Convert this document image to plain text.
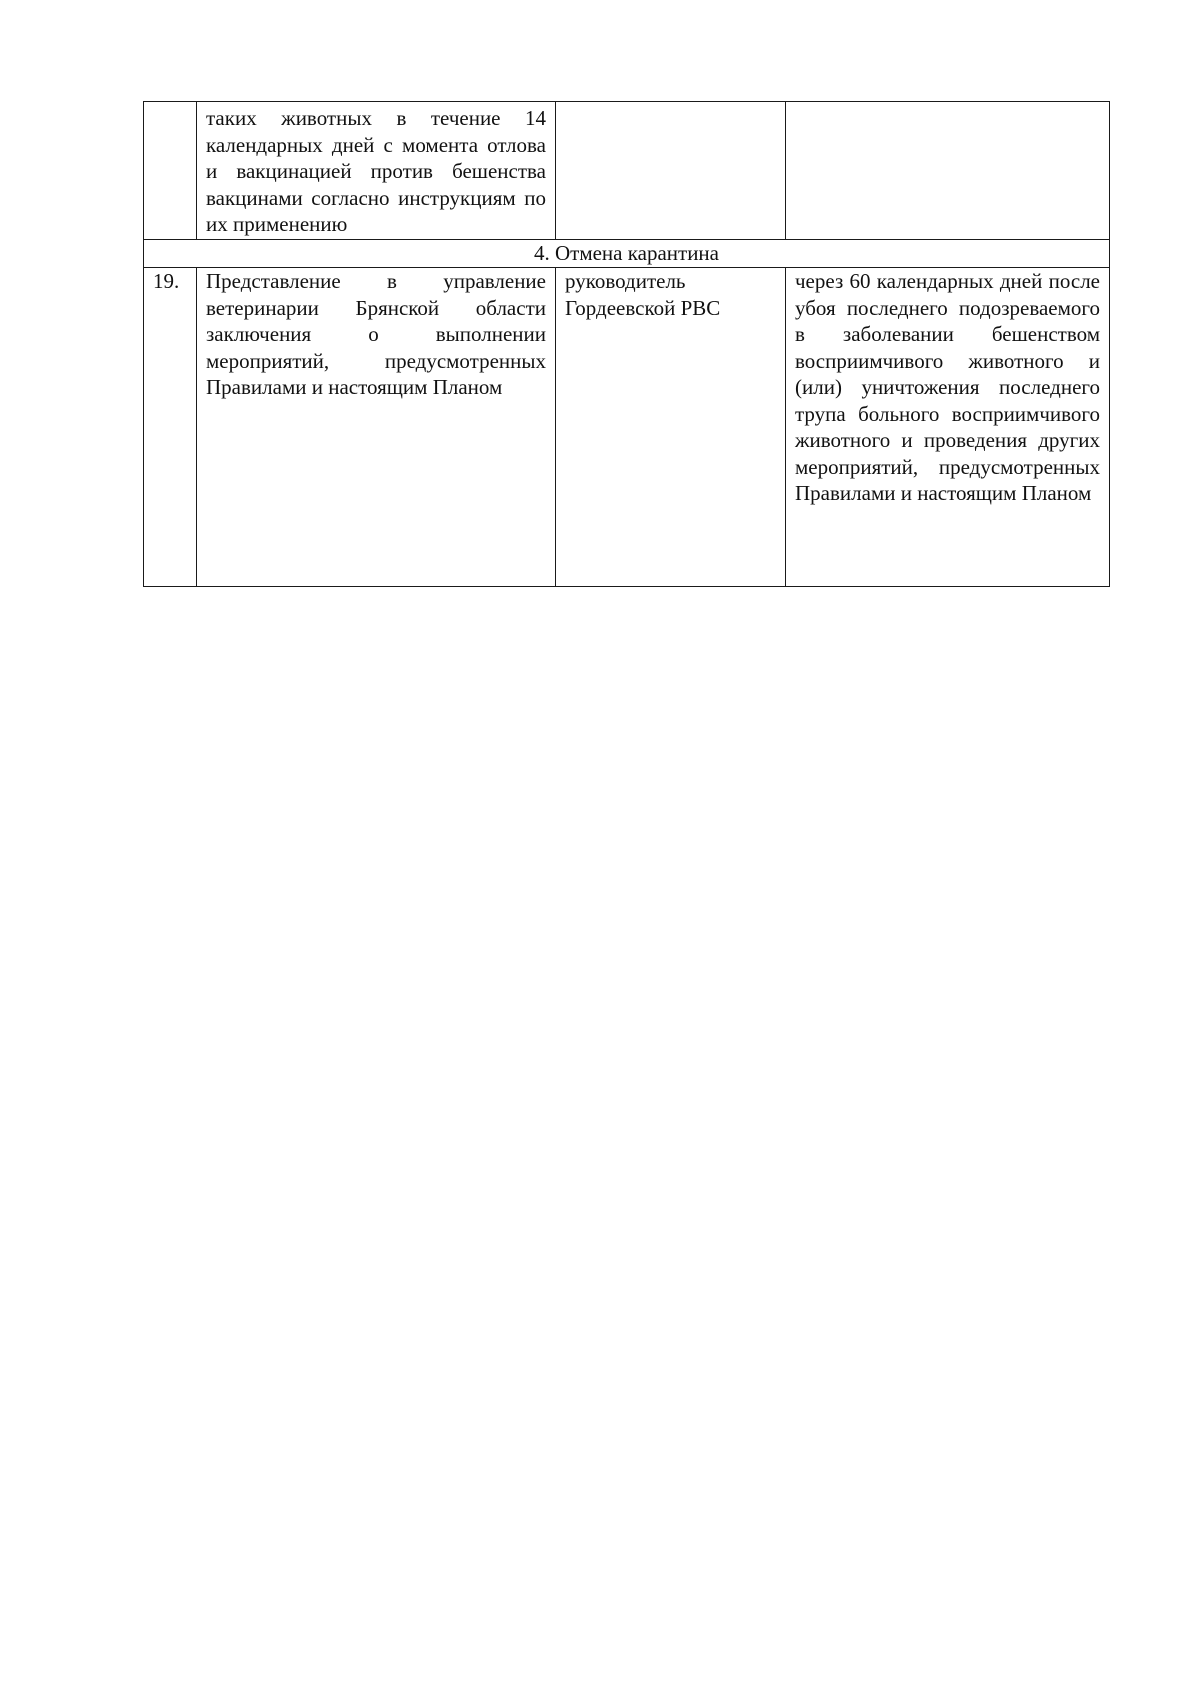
	таких животных в течение 14 календарных дней с момента отлова и вакцинацией против бешенства вакцинами согласно инструкциям по их применению		
4. Отмена карантина			
19.	Представление в управление ветеринарии Брянской области заключения о выполнении мероприятий, предусмотренных Правилами и настоящим Планом	руководитель Гордеевской РВС	через 60 календарных дней после убоя последнего подозреваемого в заболевании бешенством восприимчивого животного и (или) уничтожения последнего трупа больного восприимчивого животного и проведения других мероприятий, предусмотренных Правилами и настоящим Планом
